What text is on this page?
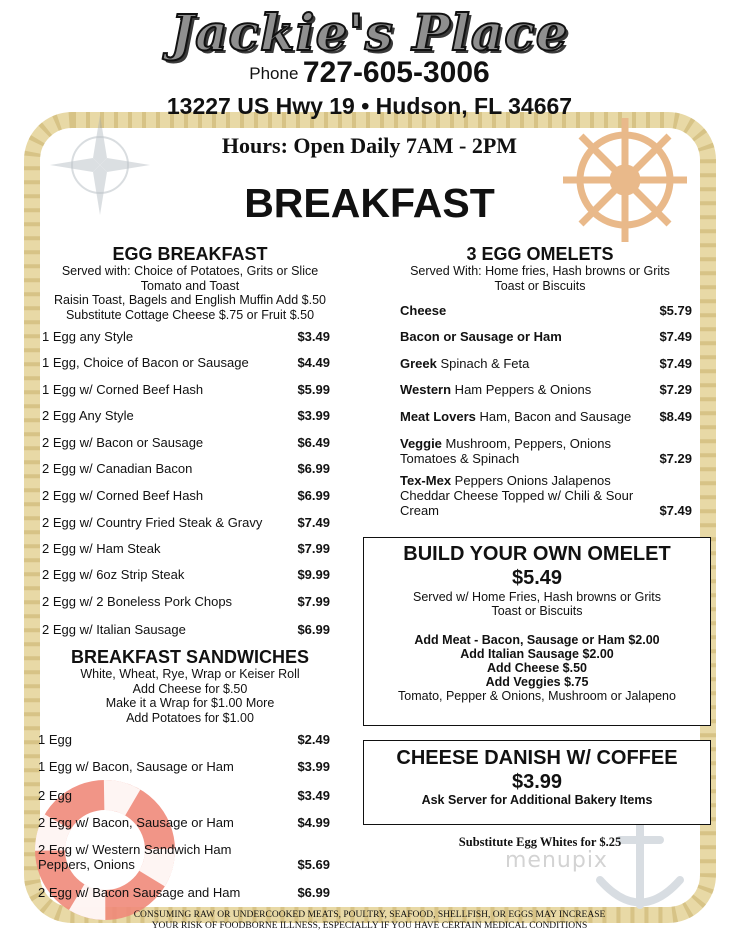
Jackie's Place
Phone 727-605-3006
13227 US Hwy 19 • Hudson, FL 34667
Hours: Open Daily 7AM - 2PM
BREAKFAST
EGG BREAKFAST
Served with: Choice of Potatoes, Grits or Slice
Tomato and Toast
Raisin Toast, Bagels and English Muffin Add $.50
Substitute Cottage Cheese $.75 or Fruit $.50
1 Egg any Style	$3.49
1 Egg, Choice of Bacon or Sausage	$4.49
1 Egg w/ Corned Beef Hash	$5.99
2 Egg Any Style	$3.99
2 Egg w/ Bacon or Sausage	$6.49
2 Egg w/ Canadian Bacon	$6.99
2 Egg w/ Corned Beef Hash	$6.99
2 Egg w/ Country Fried Steak & Gravy	$7.49
2 Egg w/ Ham Steak	$7.99
2 Egg w/ 6oz Strip Steak	$9.99
2 Egg w/ 2 Boneless Pork Chops	$7.99
2 Egg w/ Italian Sausage	$6.99
BREAKFAST SANDWICHES
White, Wheat, Rye, Wrap or Keiser Roll
Add Cheese for $.50
Make it a Wrap for $1.00 More
Add Potatoes for $1.00
1 Egg	$2.49
1 Egg w/ Bacon, Sausage or Ham	$3.99
2 Egg	$3.49
2 Egg w/ Bacon, Sausage or Ham	$4.99
2 Egg w/ Western Sandwich Ham
Peppers, Onions	$5.69
2 Egg w/ Bacon Sausage and Ham	$6.99
3 EGG OMELETS
Served With: Home fries, Hash browns or Grits
Toast or Biscuits
Cheese	$5.79
Bacon or Sausage or Ham	$7.49
Greek Spinach & Feta	$7.49
Western Ham Peppers & Onions	$7.29
Meat Lovers Ham, Bacon and Sausage $8.49
Veggie Mushroom, Peppers, Onions
Tomatoes & Spinach	$7.29
Tex-Mex Peppers Onions Jalapenos
Cheddar Cheese Topped w/ Chili & Sour
Cream	$7.49
BUILD YOUR OWN OMELET
$5.49
Served w/ Home Fries, Hash browns or Grits
Toast or Biscuits
Add Meat - Bacon, Sausage or Ham $2.00
Add Italian Sausage $2.00
Add Cheese $.50
Add Veggies $.75
Tomato, Pepper & Onions, Mushroom or Jalapeno
CHEESE DANISH W/ COFFEE
$3.99
Ask Server for Additional Bakery Items
Substitute Egg Whites for $.25
menupix
CONSUMING RAW OR UNDERCOOKED MEATS, POULTRY, SEAFOOD, SHELLFISH, OR EGGS MAY INCREASE
YOUR RISK OF FOODBORNE ILLNESS, ESPECIALLY IF YOU HAVE CERTAIN MEDICAL CONDITIONS
